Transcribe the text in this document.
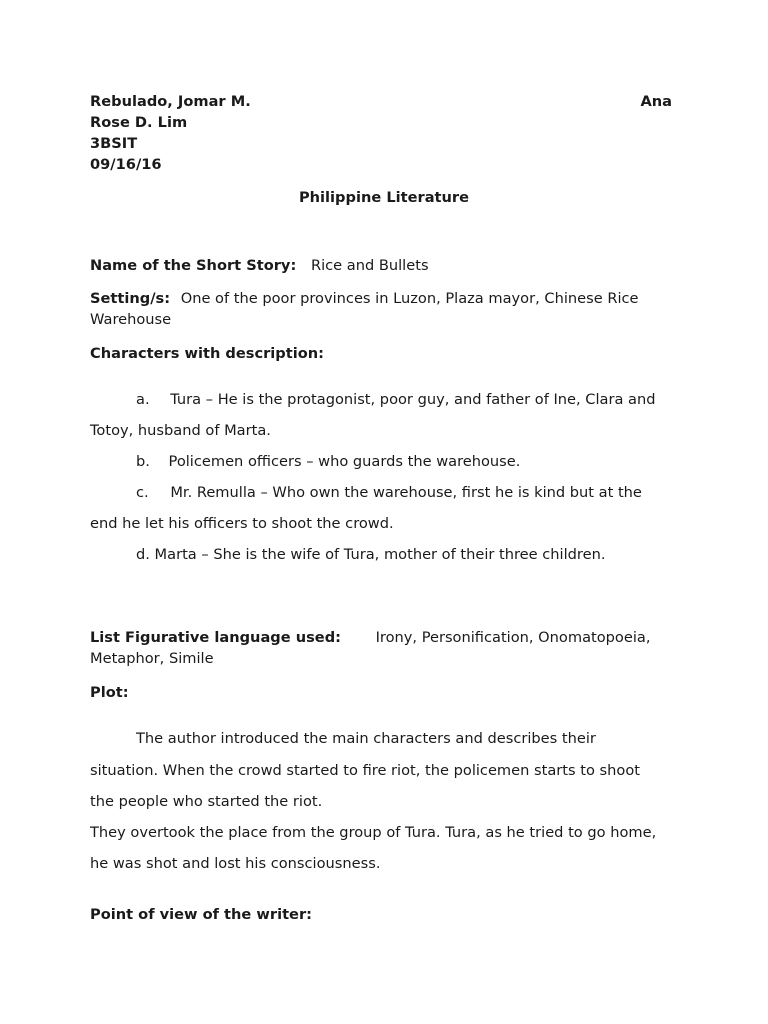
Rebulado, Jomar M.	Ana
Rose D. Lim
3BSIT
09/16/16
Philippine Literature
Name of the Short Story: Rice and Bullets
Setting/s: One of the poor provinces in Luzon, Plaza mayor, Chinese Rice
Warehouse
Characters with description:
a. Tura – He is the protagonist, poor guy, and father of Ine, Clara and
Totoy, husband of Marta.
b. Policemen officers – who guards the warehouse.
c. Mr. Remulla – Who own the warehouse, first he is kind but at the
end he let his officers to shoot the crowd.
d. Marta – She is the wife of Tura, mother of their three children.
List Figurative language used: Irony, Personification, Onomatopoeia,
Metaphor, Simile
Plot:
The author introduced the main characters and describes their
situation. When the crowd started to fire riot, the policemen starts to shoot
the people who started the riot.
They overtook the place from the group of Tura. Tura, as he tried to go home,
he was shot and lost his consciousness.
Point of view of the writer:
